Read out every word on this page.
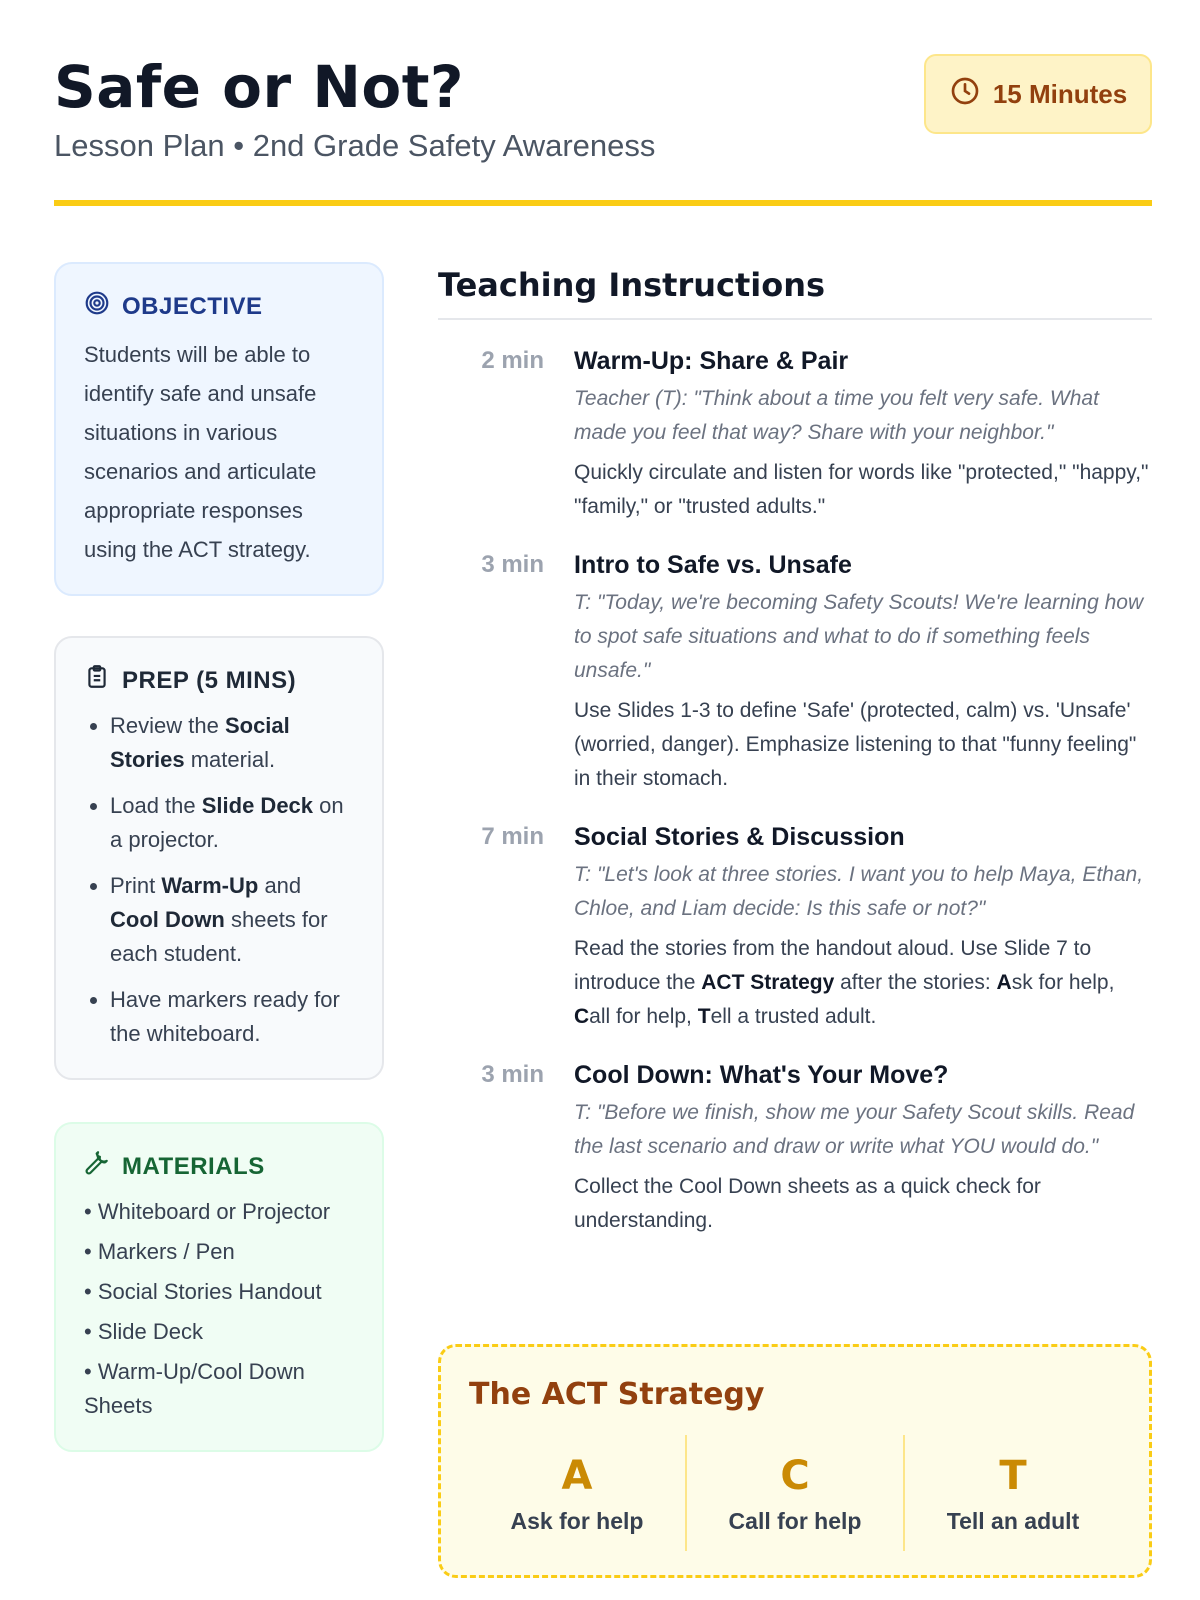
Safe or Not?
Lesson Plan • 2nd Grade Safety Awareness
15 Minutes
OBJECTIVE

Students will be able to identify safe and unsafe situations in various scenarios and articulate appropriate responses using the ACT strategy.

PREP (5 MINS)
• Review the Social Stories material.
• Load the Slide Deck on a projector.
• Print Warm-Up and Cool Down sheets for each student.
• Have markers ready for the whiteboard.
MATERIALS
• Whiteboard or Projector
• Markers / Pen
• Social Stories Handout
• Slide Deck
• Warm-Up/Cool Down Sheets
Teaching Instructions
2 min	Warm-Up: Share & Pair
Teacher (T): "Think about a time you felt very safe. What made you feel that way? Share with your neighbor."
Quickly circulate and listen for words like "protected," "happy," "family," or "trusted adults."
3 min	Intro to Safe vs. Unsafe
T: "Today, we're becoming Safety Scouts! We're learning how to spot safe situations and what to do if something feels unsafe."
Use Slides 1-3 to define 'Safe' (protected, calm) vs. 'Unsafe' (worried, danger). Emphasize listening to that "funny feeling" in their stomach.
7 min	Social Stories & Discussion
T: "Let's look at three stories. I want you to help Maya, Ethan, Chloe, and Liam decide: Is this safe or not?"
Read the stories from the handout aloud. Use Slide 7 to introduce the ACT Strategy after the stories: Ask for help, Call for help, Tell a trusted adult.
3 min	Cool Down: What's Your Move?
T: "Before we finish, show me your Safety Scout skills. Read the last scenario and draw or write what YOU would do."
Collect the Cool Down sheets as a quick check for understanding.
The ACT Strategy
A
Ask for help
C
Call for help
T
Tell an adult
